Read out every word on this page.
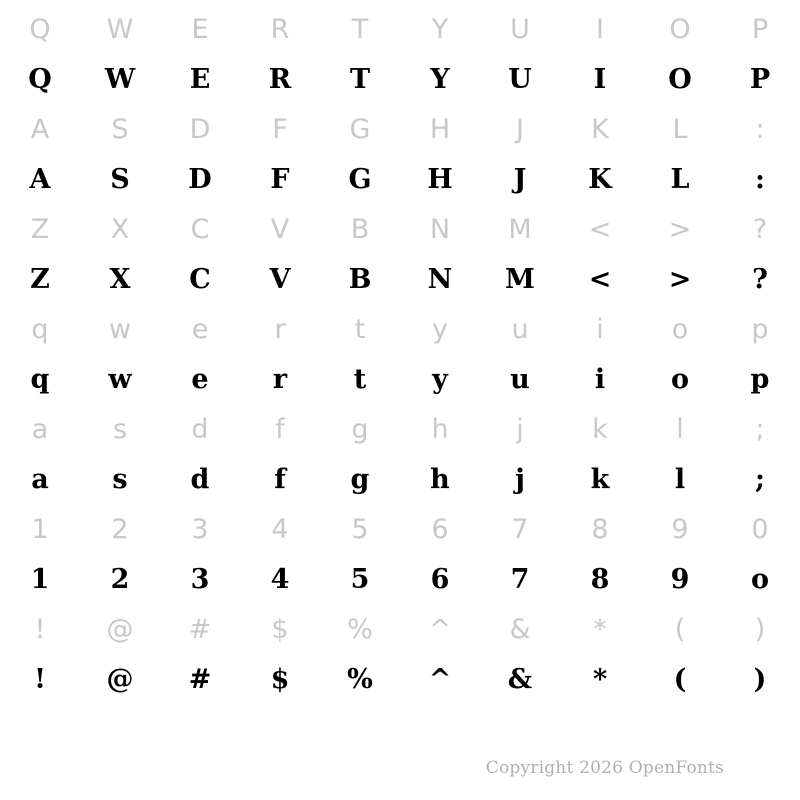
Q	W	E	R	T	Y	U	I	O	P
Q	W	E	R	T	Y	U	I	O	P
A	S	D	F	G	H	J	K	L	:
A	S	D	F	G	H	J	K	L	:
Z	X	C	V	B	N	M	<	>	?
Z	X	C	V	B	N	M	<	>	?
q	w	e	r	t	y	u	i	o	p
q	w	e	r	t	y	u	i	o	p
a	s	d	f	g	h	j	k	l	;
a	s	d	f	g	h	j	k	l	;
1	2	3	4	5	6	7	8	9	0
1	2	3	4	5	6	7	8	9	o
!	@	#	$	%	^	&	*	(	)
!	@	#	$	%	^	&	*	(	)
Copyright 2026 OpenFonts
